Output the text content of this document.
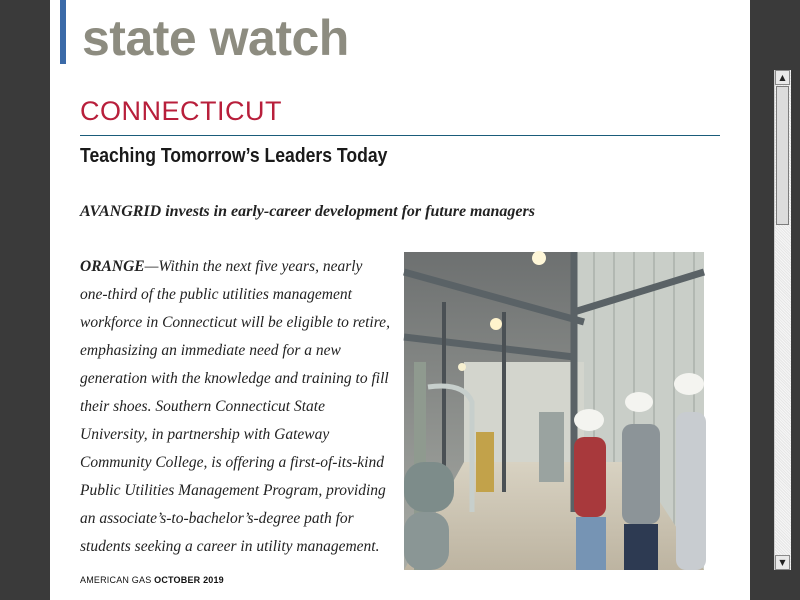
state watch
CONNECTICUT
Teaching Tomorrow’s Leaders Today
AVANGRID invests in early-career development for future managers
ORANGE—Within the next five years, nearly one-third of the public utilities management workforce in Connecticut will be eligible to retire, emphasizing an immediate need for a new generation with the knowledge and training to fill their shoes. Southern Connecticut State University, in partnership with Gateway Community College, is offering a first-of-its-kind Public Utilities Management Program, providing an associate’s-to-bachelor’s-degree path for students seeking a career in utility management.
AMERICAN GAS OCTOBER 2019
▲
▼
